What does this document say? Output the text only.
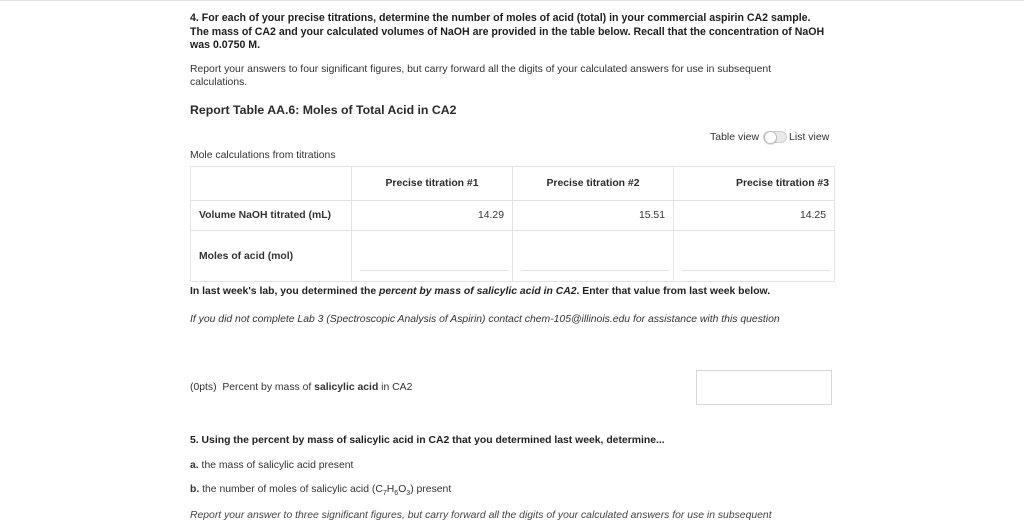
4. For each of your precise titrations, determine the number of moles of acid (total) in your commercial aspirin CA2 sample. The mass of CA2 and your calculated volumes of NaOH are provided in the table below. Recall that the concentration of NaOH was 0.0750 M.
Report your answers to four significant figures, but carry forward all the digits of your calculated answers for use in subsequent calculations.
Report Table AA.6: Moles of Total Acid in CA2
Table view	List view
Mole calculations from titrations
	Precise titration #1	Precise titration #2	Precise titration #3
Volume NaOH titrated (mL)	14.29	15.51	14.25
Moles of acid (mol)	

In last week's lab, you determined the percent by mass of salicylic acid in CA2. Enter that value from last week below.
If you did not complete Lab 3 (Spectroscopic Analysis of Aspirin) contact chem-105@illinois.edu for assistance with this question
(0pts) Percent by mass of salicylic acid in CA2
5. Using the percent by mass of salicylic acid in CA2 that you determined last week, determine...
a. the mass of salicylic acid present
b. the number of moles of salicylic acid $(C_7H_6O_3)$ present
Report your answer to three significant figures, but carry forward all the digits of your calculated answers for use in subsequent
